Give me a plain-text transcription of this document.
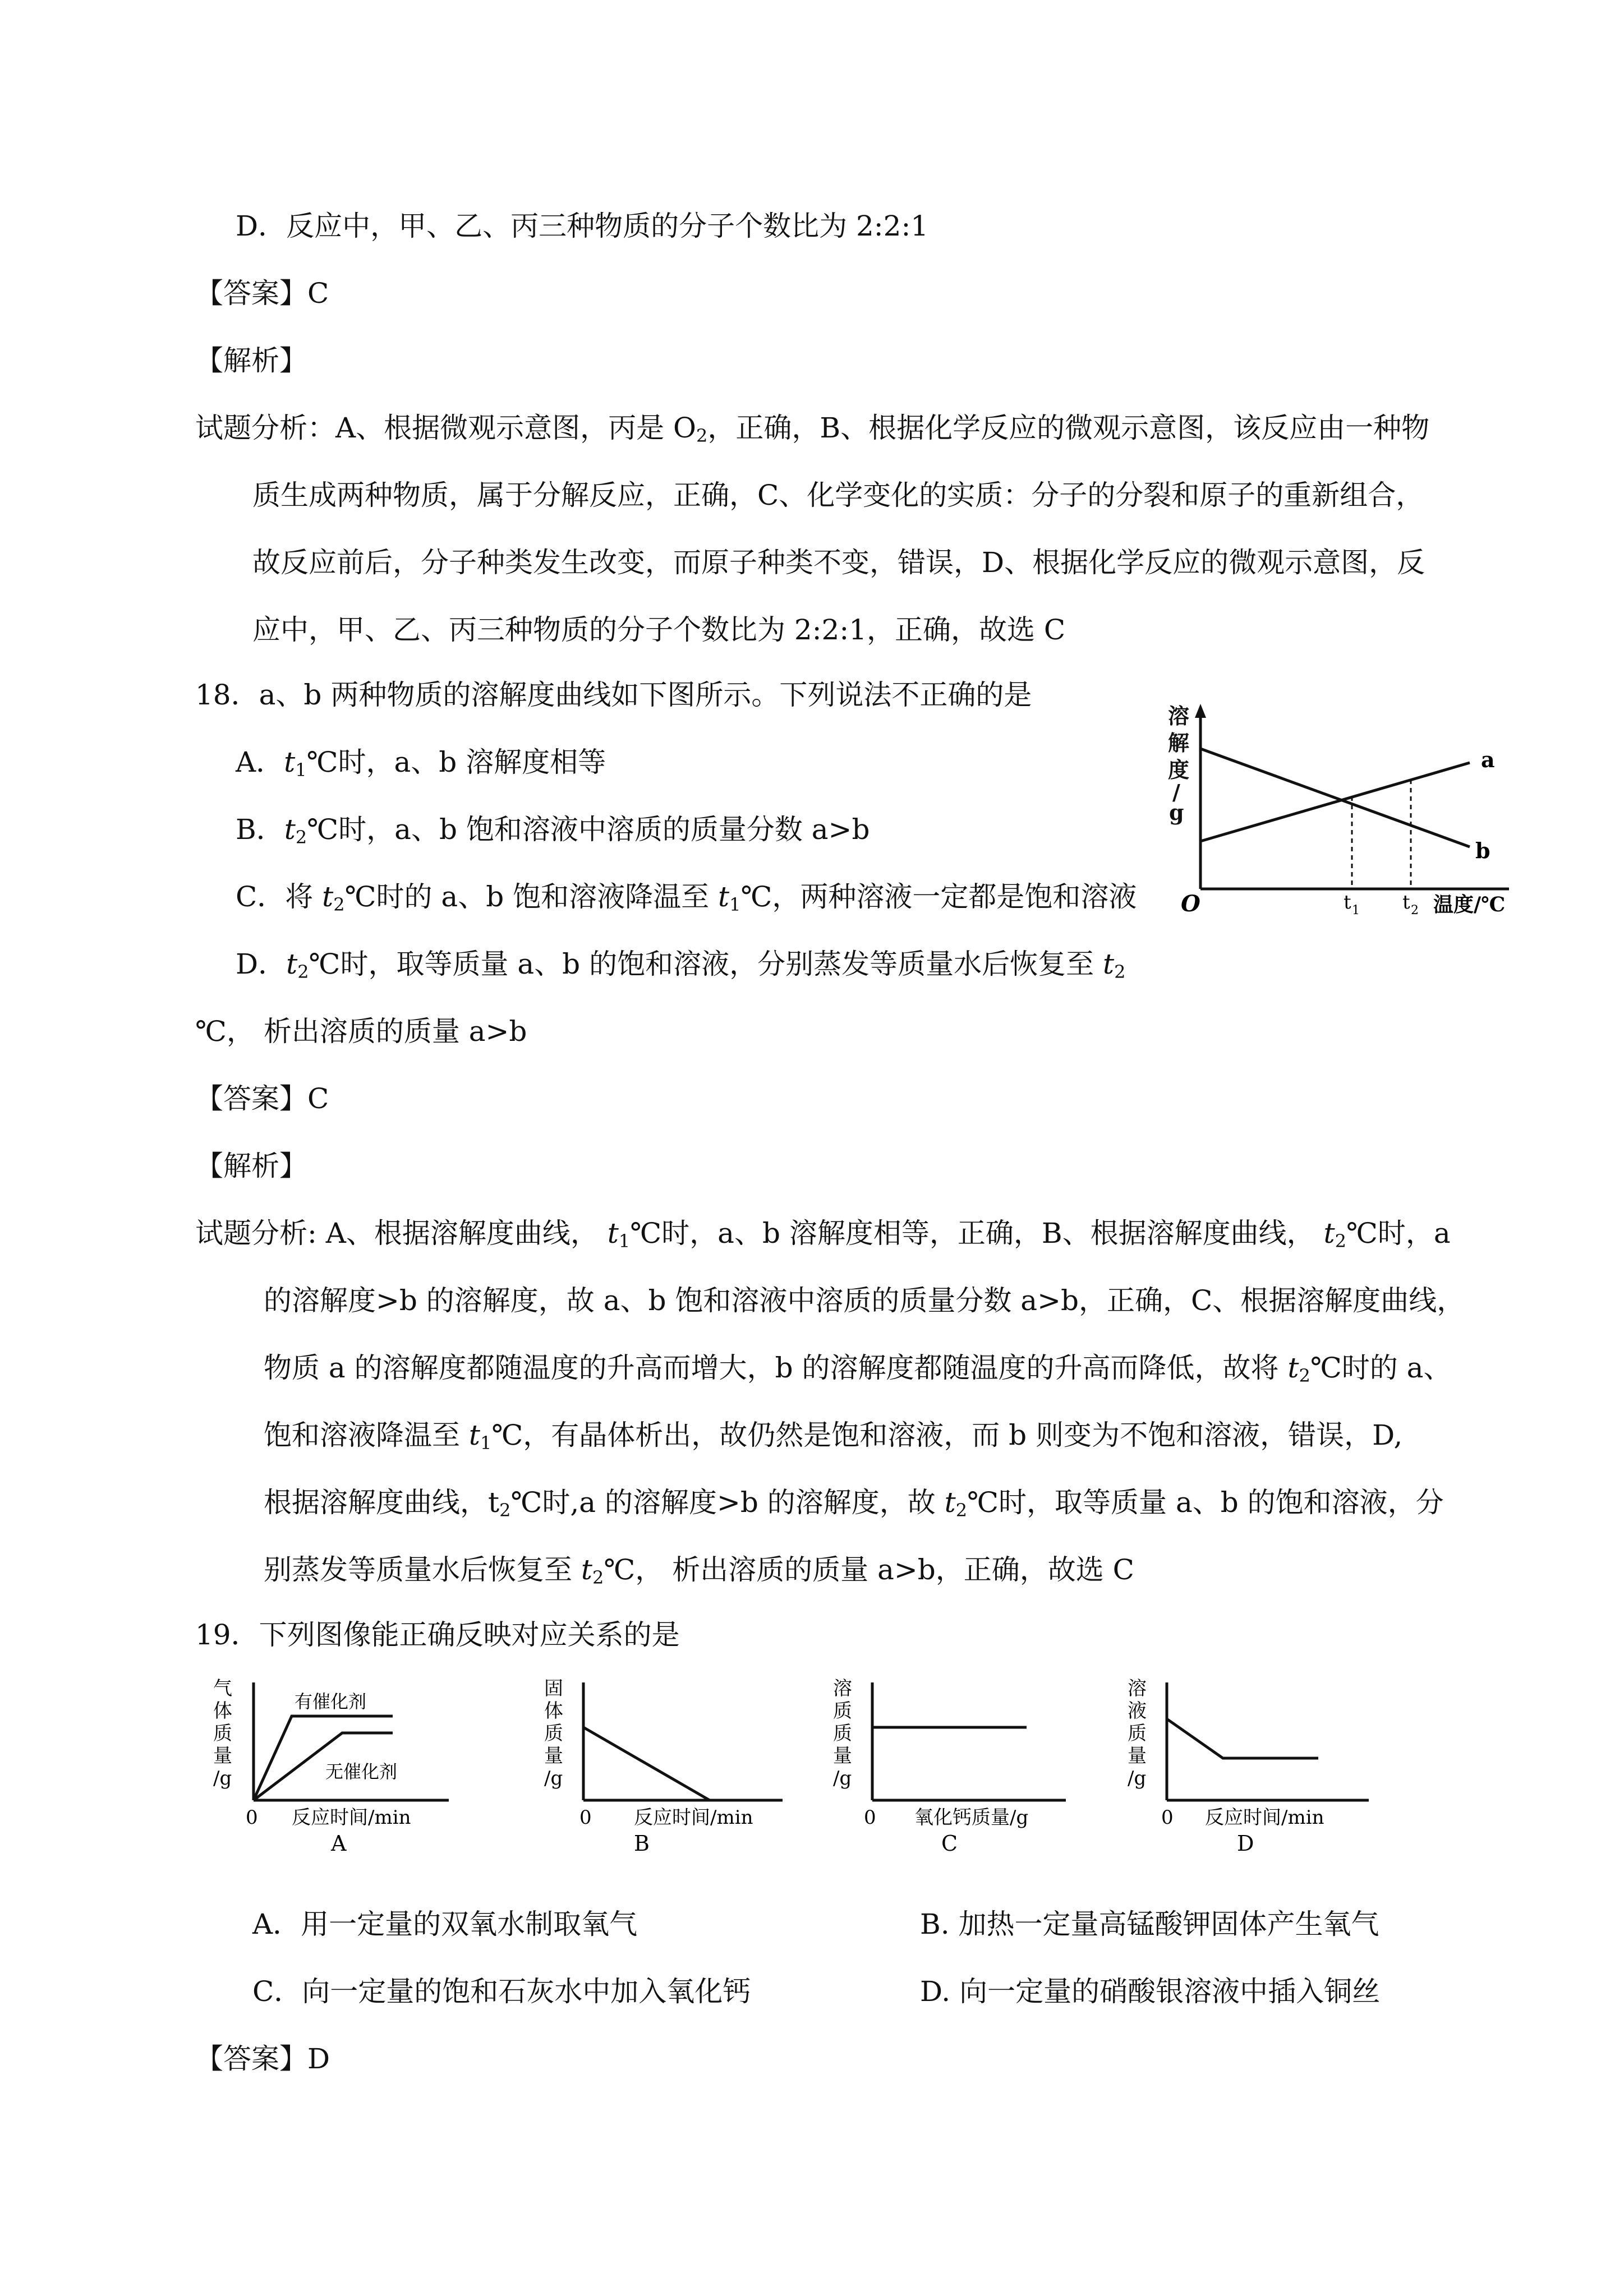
D．反应中，甲、乙、丙三种物质的分子个数比为 2:2:1
【答案】C
【解析】
试题分析：A、根据微观示意图，丙是 $O_2$，正确，B、根据化学反应的微观示意图，该反应由一种物
质生成两种物质，属于分解反应，正确，C、化学变化的实质：分子的分裂和原子的重新组合，
故反应前后，分子种类发生改变，而原子种类不变，错误，D、根据化学反应的微观示意图，反
应中，甲、乙、丙三种物质的分子个数比为 2:2:1，正确，故选 C
18．a、b 两种物质的溶解度曲线如下图所示。下列说法不正确的是
A．$t_1℃$时，a、b 溶解度相等
B．$t_2℃$时，a、b 饱和溶液中溶质的质量分数 a>b
C．将 $t_2℃$时的 a、b 饱和溶液降温至 $t_1℃$，两种溶液一定都是饱和溶液
D．$t_2℃$时，取等质量 a、b 的饱和溶液，分别蒸发等质量水后恢复至 $t_2$
℃， 析出溶质的质量 a>b
溶
解
度
/
g
a
b
O	t 1 t 2 温度/℃
【答案】C
【解析】
试题分析: A、根据溶解度曲线， $t_1℃$时，a、b 溶解度相等，正确，B、根据溶解度曲线， $t_2℃$时，a
的溶解度>b 的溶解度，故 a、b 饱和溶液中溶质的质量分数 a>b，正确，C、根据溶解度曲线，
物质 a 的溶解度都随温度的升高而增大，b 的溶解度都随温度的升高而降低，故将 $t_2℃$时的 a、
饱和溶液降温至 $t_1℃$，有晶体析出，故仍然是饱和溶液，而 b 则变为不饱和溶液，错误，D,
根据溶解度曲线，$t_2℃$时,a 的溶解度>b 的溶解度，故 $t_2℃$时，取等质量 a、b 的饱和溶液，分
别蒸发等质量水后恢复至 $t_2℃$， 析出溶质的质量 a>b，正确，故选 C
19．下列图像能正确反映对应关系的是
气
体
质
量
/g
有催化剂
无催化剂
0 反应时间/min
A
固
体
质
量
/g
0 反应时间/min
B
溶
质
质
量
/g
0 氧化钙质量/g
C
溶
液
质
量
/g
0 反应时间/min
D
A．用一定量的双氧水制取氧气	B. 加热一定量高锰酸钾固体产生氧气
C．向一定量的饱和石灰水中加入氧化钙	D. 向一定量的硝酸银溶液中插入铜丝
【答案】D
